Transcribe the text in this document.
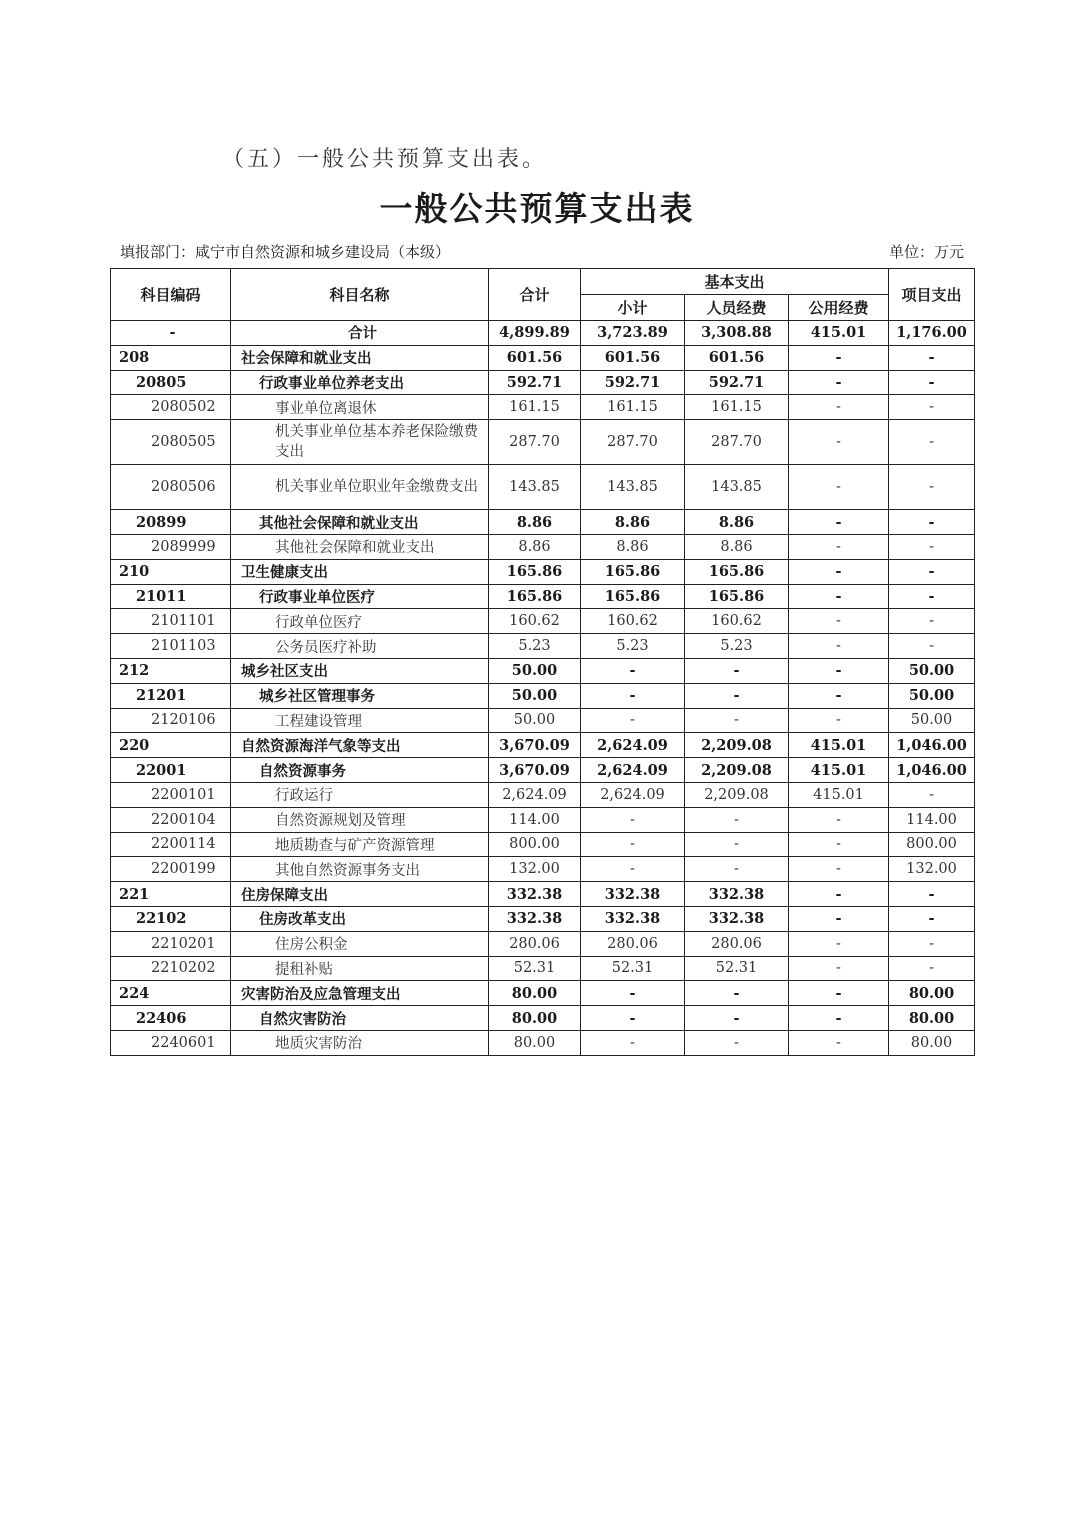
（五）一般公共预算支出表。
一般公共预算支出表
填报部门：咸宁市自然资源和城乡建设局（本级）	单位：万元
科目编码	科目名称	合计	基本支出			项目支出
			小计	人员经费	公用经费	
-	合计	4,899.89	3,723.89	3,308.88	415.01	1,176.00
208	社会保障和就业支出	601.56	601.56	601.56	-	-
20805	行政事业单位养老支出	592.71	592.71	592.71	-	-
2080502	事业单位离退休	161.15	161.15	161.15	-	-
2080505	机关事业单位基本养老保险缴费支出	287.70	287.70	287.70	-	-
2080506	机关事业单位职业年金缴费支出	143.85	143.85	143.85	-	-
20899	其他社会保障和就业支出	8.86	8.86	8.86	-	-
2089999	其他社会保障和就业支出	8.86	8.86	8.86	-	-
210	卫生健康支出	165.86	165.86	165.86	-	-
21011	行政事业单位医疗	165.86	165.86	165.86	-	-
2101101	行政单位医疗	160.62	160.62	160.62	-	-
2101103	公务员医疗补助	5.23	5.23	5.23	-	-
212	城乡社区支出	50.00	-	-	-	50.00
21201	城乡社区管理事务	50.00	-	-	-	50.00
2120106	工程建设管理	50.00	-	-	-	50.00
220	自然资源海洋气象等支出	3,670.09	2,624.09	2,209.08	415.01	1,046.00
22001	自然资源事务	3,670.09	2,624.09	2,209.08	415.01	1,046.00
2200101	行政运行	2,624.09	2,624.09	2,209.08	415.01	-
2200104	自然资源规划及管理	114.00	-	-	-	114.00
2200114	地质勘查与矿产资源管理	800.00	-	-	-	800.00
2200199	其他自然资源事务支出	132.00	-	-	-	132.00
221	住房保障支出	332.38	332.38	332.38	-	-
22102	住房改革支出	332.38	332.38	332.38	-	-
2210201	住房公积金	280.06	280.06	280.06	-	-
2210202	提租补贴	52.31	52.31	52.31	-	-
224	灾害防治及应急管理支出	80.00	-	-	-	80.00
22406	自然灾害防治	80.00	-	-	-	80.00
2240601	地质灾害防治	80.00	-	-	-	80.00
